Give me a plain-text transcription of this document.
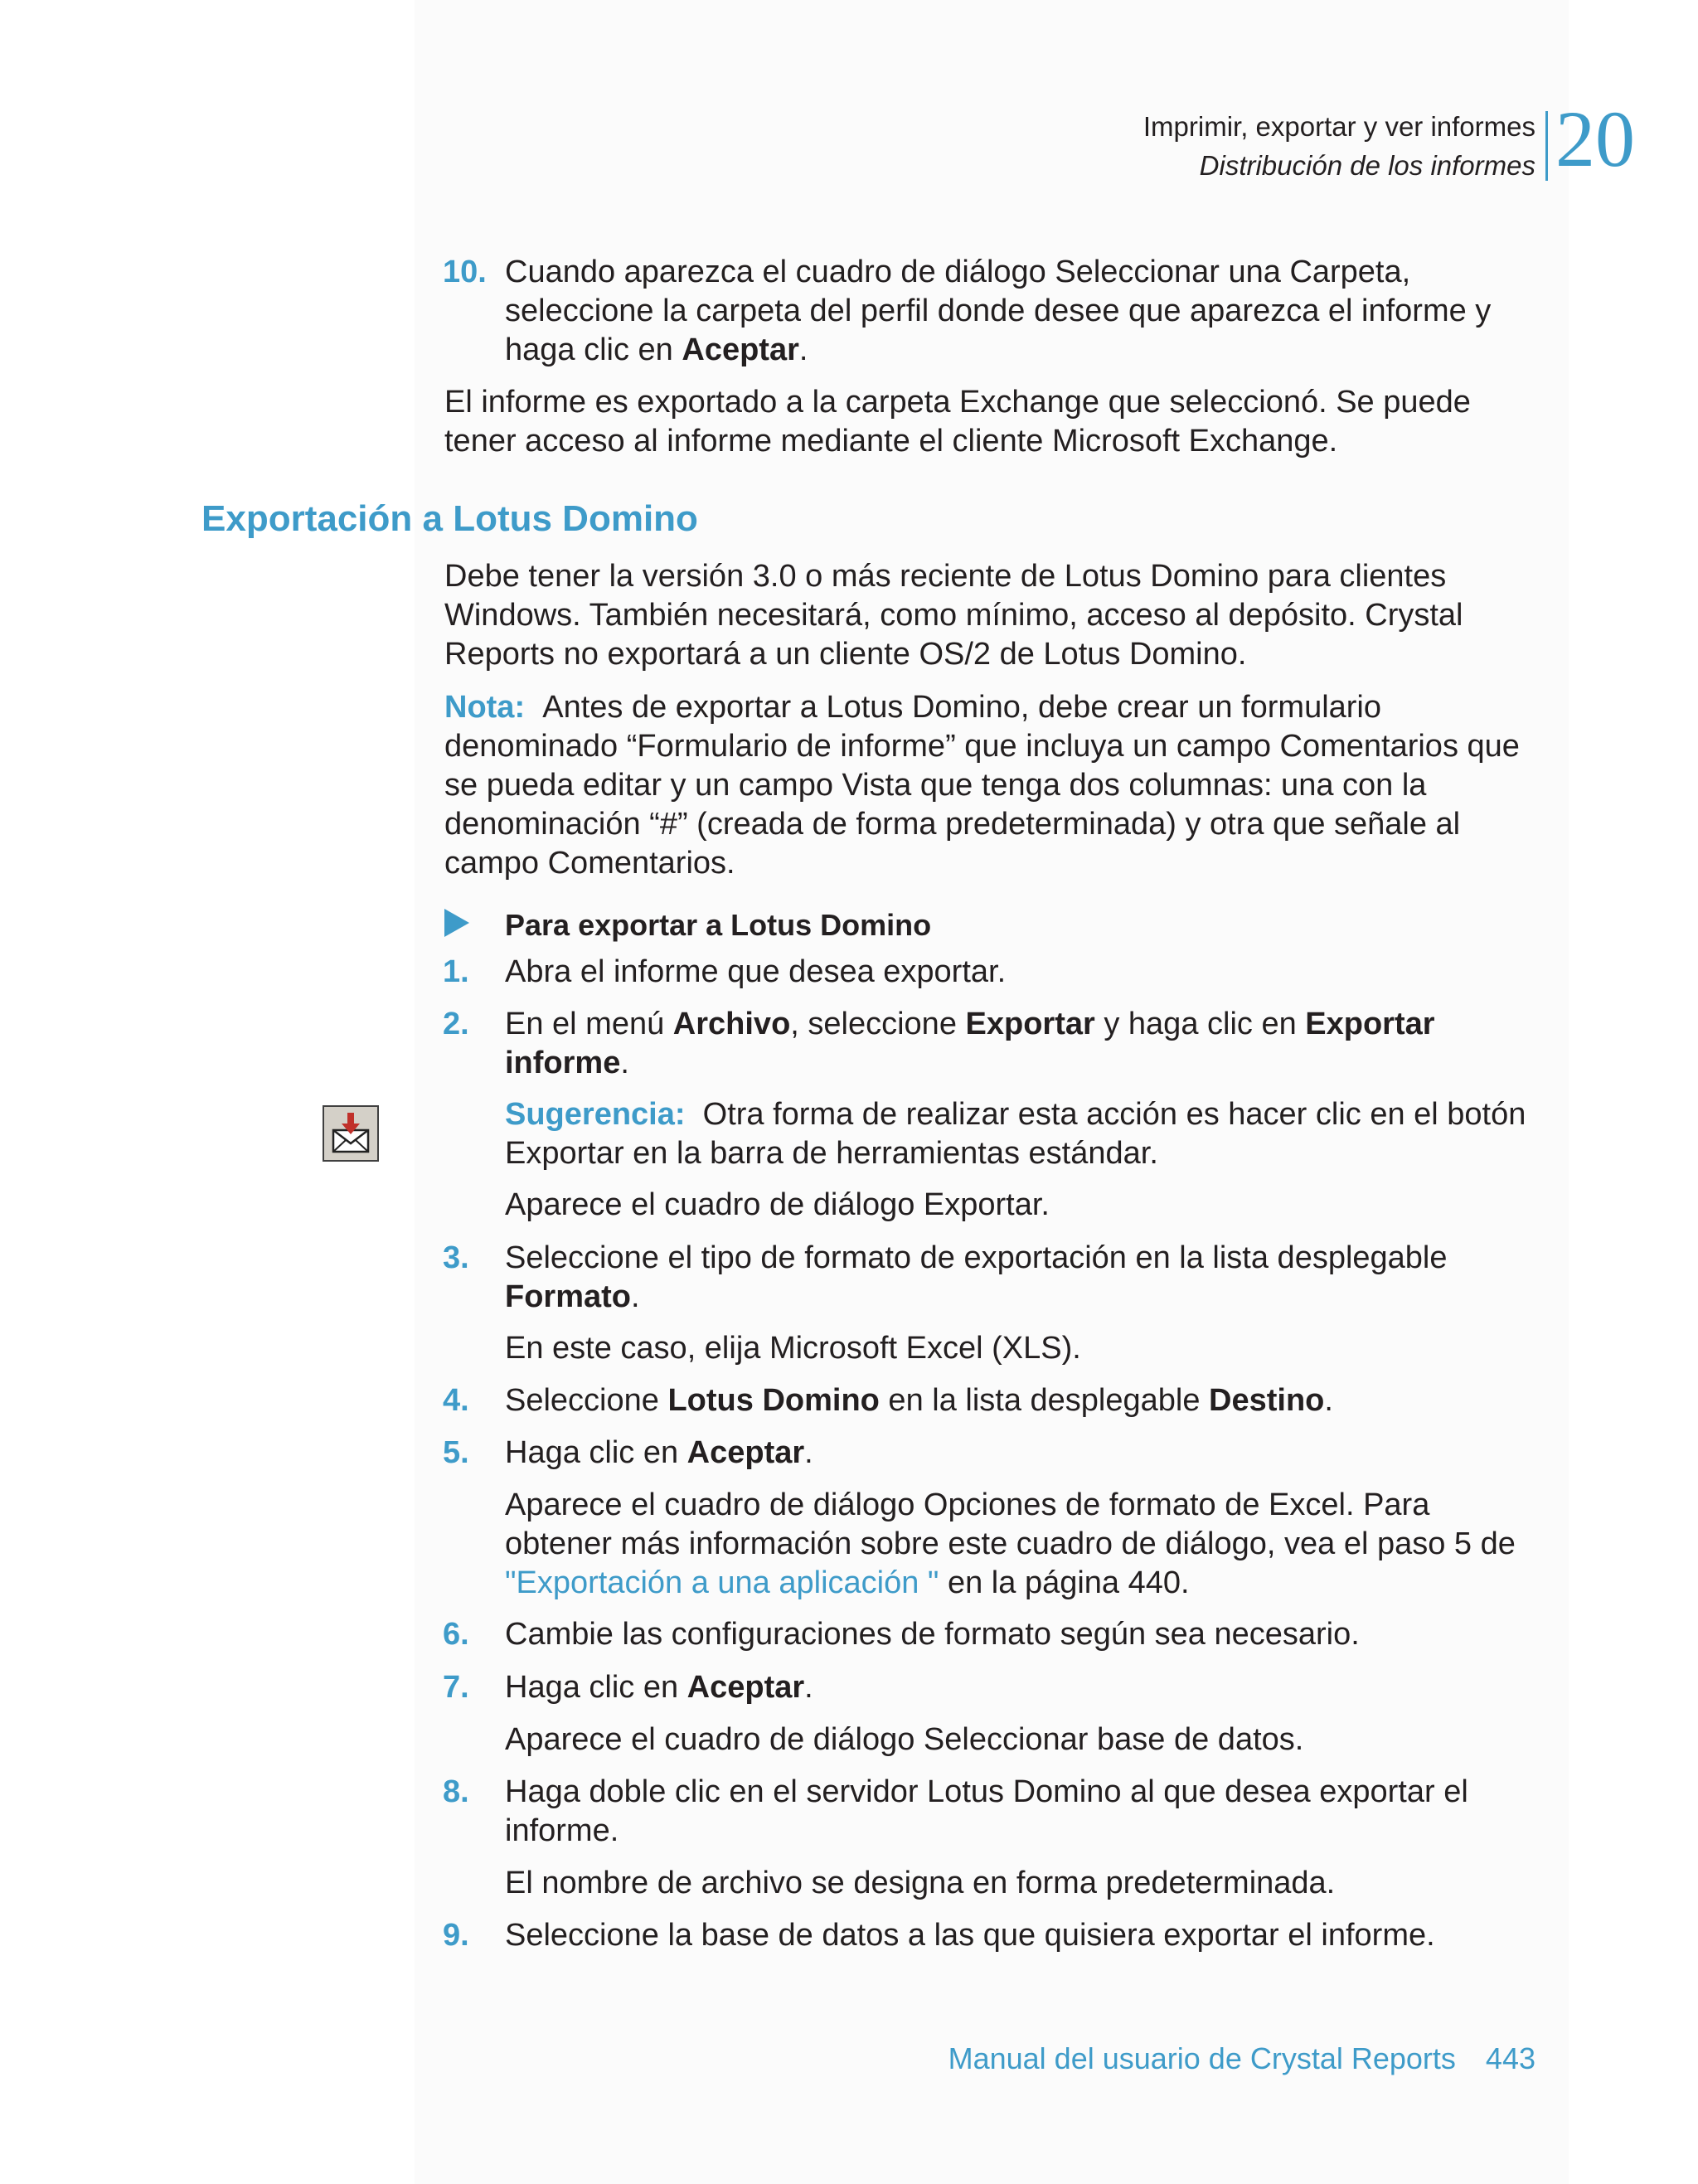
Imprimir, exportar y ver informes
Distribución de los informes 20
10. Cuando aparezca el cuadro de diálogo Seleccionar una Carpeta,
seleccione la carpeta del perfil donde desee que aparezca el informe y
haga clic en Aceptar.
El informe es exportado a la carpeta Exchange que seleccionó. Se puede
tener acceso al informe mediante el cliente Microsoft Exchange.
Exportación a Lotus Domino
Debe tener la versión 3.0 o más reciente de Lotus Domino para clientes
Windows. También necesitará, como mínimo, acceso al depósito. Crystal
Reports no exportará a un cliente OS/2 de Lotus Domino.
Nota: Antes de exportar a Lotus Domino, debe crear un formulario
denominado “Formulario de informe” que incluya un campo Comentarios que
se pueda editar y un campo Vista que tenga dos columnas: una con la
denominación “#” (creada de forma predeterminada) y otra que señale al
campo Comentarios.
Para exportar a Lotus Domino
1. Abra el informe que desea exportar.
2. En el menú Archivo, seleccione Exportar y haga clic en Exportar
informe.
Sugerencia: Otra forma de realizar esta acción es hacer clic en el botón
Exportar en la barra de herramientas estándar.
Aparece el cuadro de diálogo Exportar.
3. Seleccione el tipo de formato de exportación en la lista desplegable
Formato.
En este caso, elija Microsoft Excel (XLS).
4. Seleccione Lotus Domino en la lista desplegable Destino.
5. Haga clic en Aceptar.
Aparece el cuadro de diálogo Opciones de formato de Excel. Para
obtener más información sobre este cuadro de diálogo, vea el paso 5 de
"Exportación a una aplicación " en la página 440.
6. Cambie las configuraciones de formato según sea necesario.
7. Haga clic en Aceptar.
Aparece el cuadro de diálogo Seleccionar base de datos.
8. Haga doble clic en el servidor Lotus Domino al que desea exportar el
informe.
El nombre de archivo se designa en forma predeterminada.
9. Seleccione la base de datos a las que quisiera exportar el informe.
Manual del usuario de Crystal Reports 443
